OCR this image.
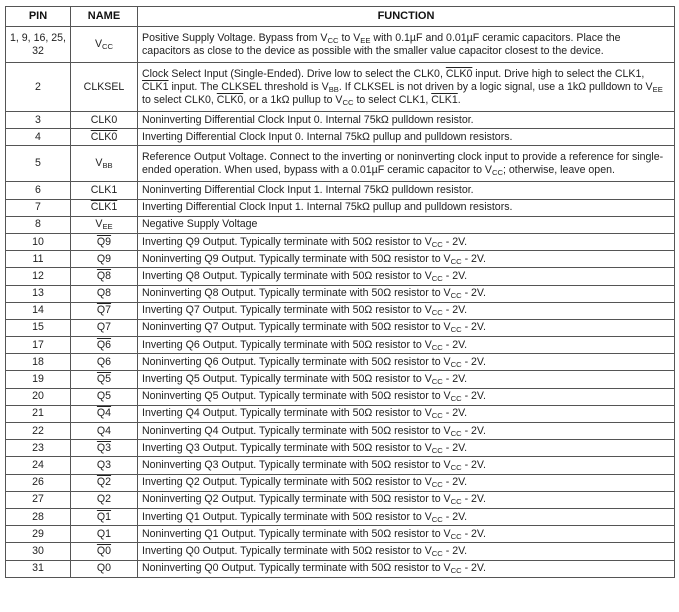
PIN	NAME	FUNCTION
1, 9, 16, 25, 32	$V_{CC}$	Positive Supply Voltage. Bypass from $V_{CC}$ to $V_{EE}$ with 0.1µF and 0.01µF ceramic capacitors. Place the capacitors as close to the device as possible with the smaller value capacitor closest to the device.
2	CLKSEL	Clock Select Input (Single-Ended). Drive low to select the CLK0, CLK0 input. Drive high to select the CLK1, CLK1 input. The CLKSEL threshold is $V_{BB}$. If CLKSEL is not driven by a logic signal, use a 1kΩ pulldown to $V_{EE}$ to select CLK0, CLK0, or a 1kΩ pullup to $V_{CC}$ to select CLK1, CLK1.
3	CLK0	Noninverting Differential Clock Input 0. Internal 75kΩ pulldown resistor.
4	CLK0	Inverting Differential Clock Input 0. Internal 75kΩ pullup and pulldown resistors.
5	$V_{BB}$	Reference Output Voltage. Connect to the inverting or noninverting clock input to provide a reference for single-ended operation. When used, bypass with a 0.01µF ceramic capacitor to $V_{CC}$; otherwise, leave open.
6	CLK1	Noninverting Differential Clock Input 1. Internal 75kΩ pulldown resistor.
7	CLK1	Inverting Differential Clock Input 1. Internal 75kΩ pullup and pulldown resistors.
8	$V_{EE}$	Negative Supply Voltage
10	Q9	Inverting Q9 Output. Typically terminate with 50Ω resistor to $V_{CC} - 2V$.
11	Q9	Noninverting Q9 Output. Typically terminate with 50Ω resistor to $V_{CC} - 2V$.
12	Q8	Inverting Q8 Output. Typically terminate with 50Ω resistor to $V_{CC} - 2V$.
13	Q8	Noninverting Q8 Output. Typically terminate with 50Ω resistor to $V_{CC} - 2V$.
14	Q7	Inverting Q7 Output. Typically terminate with 50Ω resistor to $V_{CC} - 2V$.
15	Q7	Noninverting Q7 Output. Typically terminate with 50Ω resistor to $V_{CC} - 2V$.
17	Q6	Inverting Q6 Output. Typically terminate with 50Ω resistor to $V_{CC} - 2V$.
18	Q6	Noninverting Q6 Output. Typically terminate with 50Ω resistor to $V_{CC} - 2V$.
19	Q5	Inverting Q5 Output. Typically terminate with 50Ω resistor to $V_{CC} - 2V$.
20	Q5	Noninverting Q5 Output. Typically terminate with 50Ω resistor to $V_{CC} - 2V$.
21	Q4	Inverting Q4 Output. Typically terminate with 50Ω resistor to $V_{CC} - 2V$.
22	Q4	Noninverting Q4 Output. Typically terminate with 50Ω resistor to $V_{CC} - 2V$.
23	Q3	Inverting Q3 Output. Typically terminate with 50Ω resistor to $V_{CC} - 2V$.
24	Q3	Noninverting Q3 Output. Typically terminate with 50Ω resistor to $V_{CC} - 2V$.
26	Q2	Inverting Q2 Output. Typically terminate with 50Ω resistor to $V_{CC} - 2V$.
27	Q2	Noninverting Q2 Output. Typically terminate with 50Ω resistor to $V_{CC} - 2V$.
28	Q1	Inverting Q1 Output. Typically terminate with 50Ω resistor to $V_{CC} - 2V$.
29	Q1	Noninverting Q1 Output. Typically terminate with 50Ω resistor to $V_{CC} - 2V$.
30	Q0	Inverting Q0 Output. Typically terminate with 50Ω resistor to $V_{CC} - 2V$.
31	Q0	Noninverting Q0 Output. Typically terminate with 50Ω resistor to $V_{CC} - 2V$.
